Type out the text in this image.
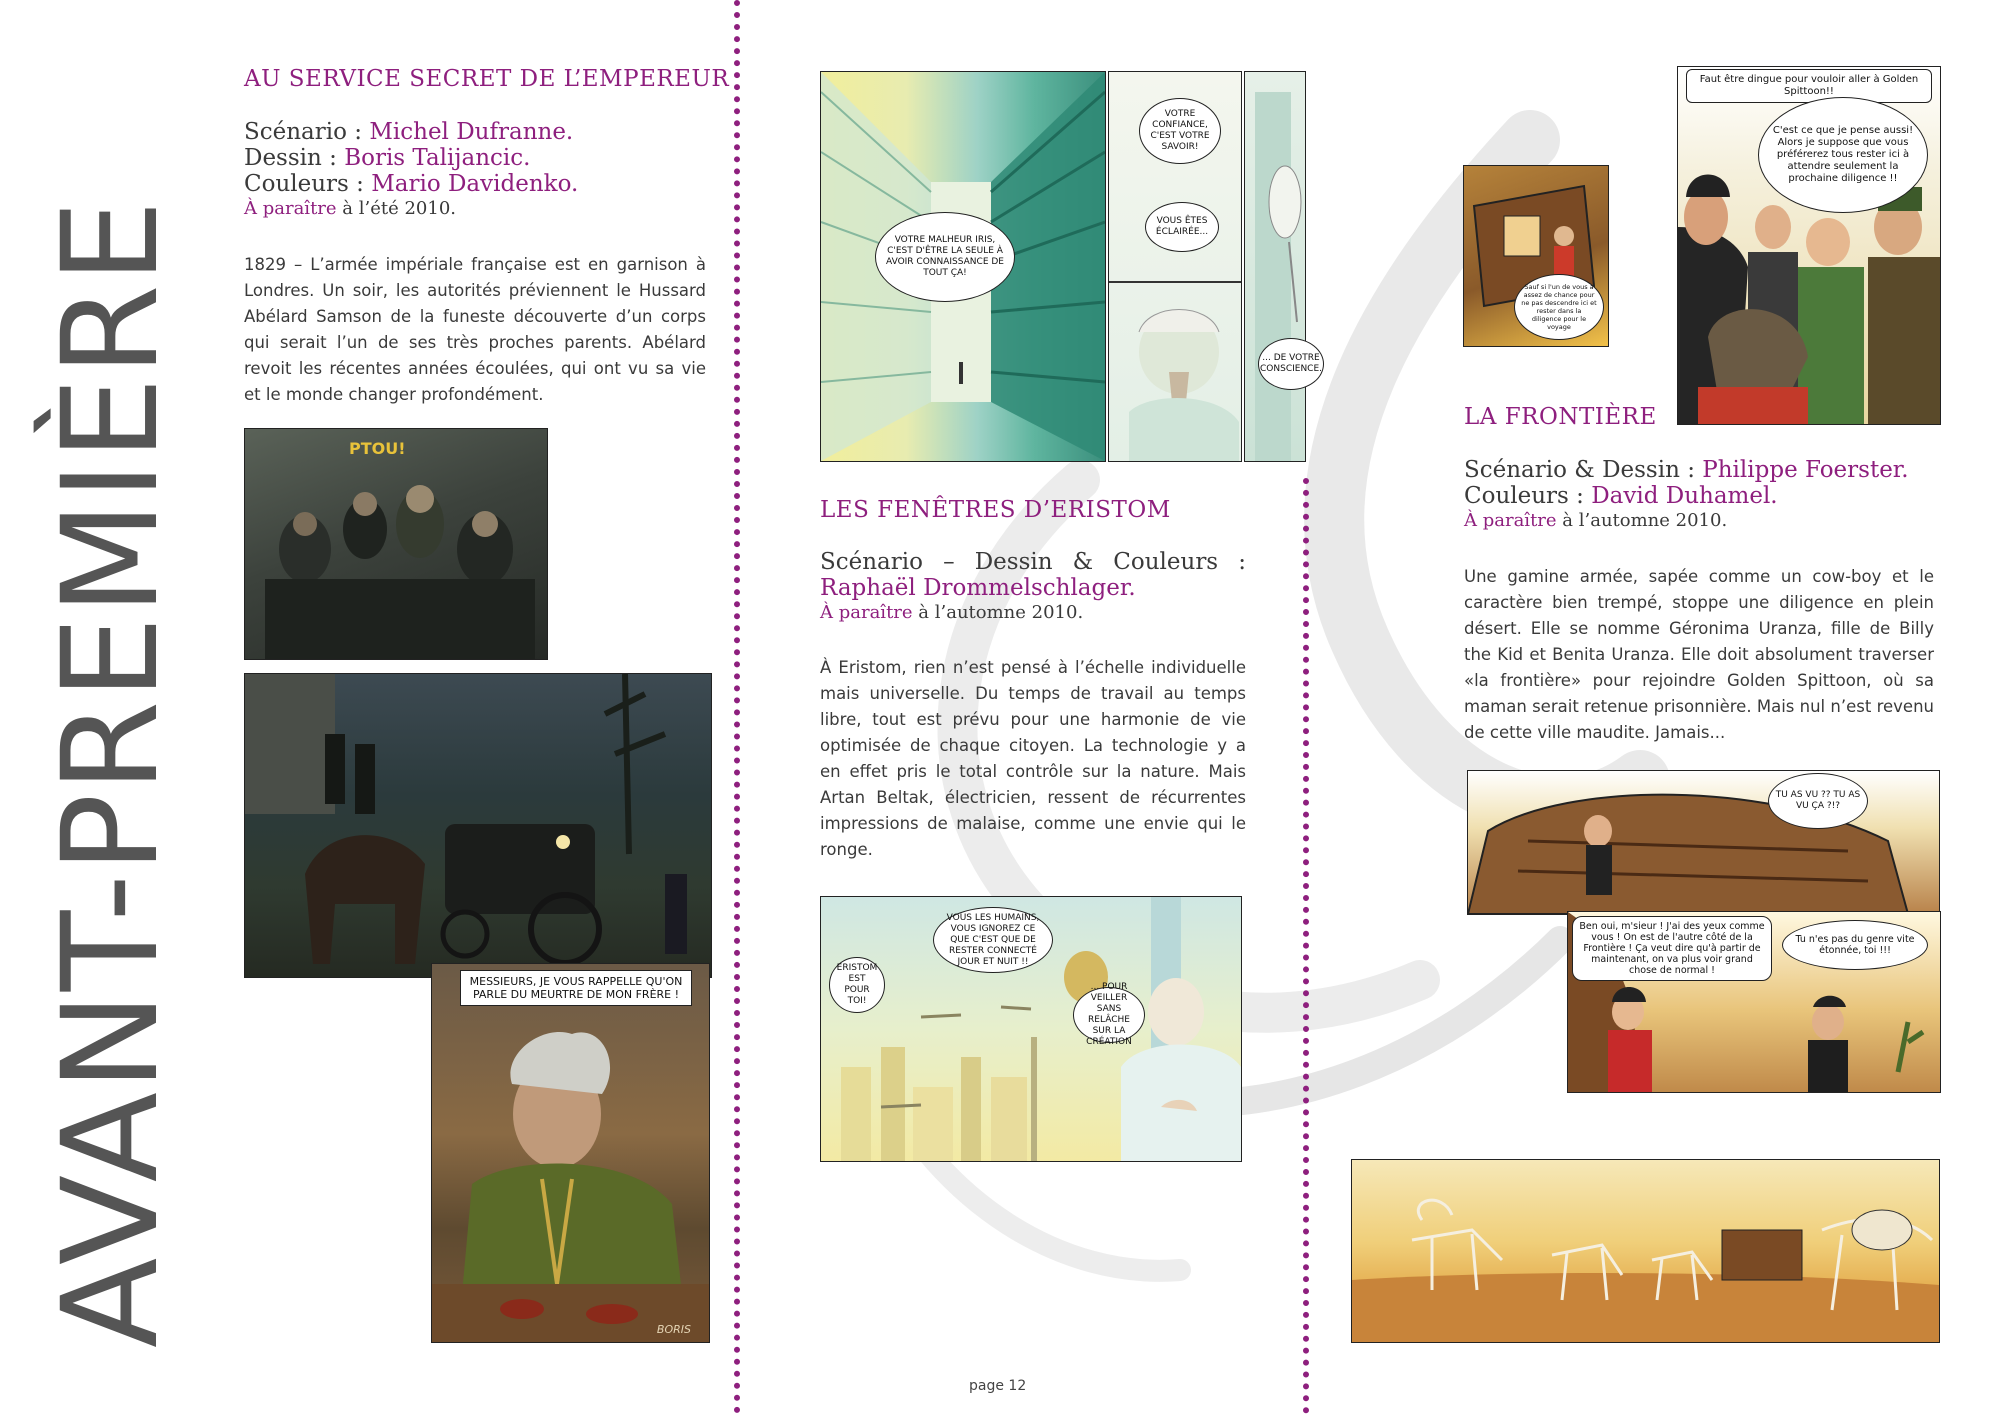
AVANT-PREMIÈRE
AU SERVICE SECRET DE L’EMPEREUR
Scénario : Michel Dufranne.
Dessin : Boris Talijancic.
Couleurs : Mario Davidenko.
À paraître à l’été 2010.
1829 – L’armée impériale française est en garnison à Londres. Un soir, les autorités préviennent le Hussard Abélard Samson de la funeste découverte d’un corps qui serait l’un de ses très proches parents. Abélard revoit les récentes années écoulées, qui ont vu sa vie et le monde changer profondément.
PTOU!
MESSIEURS, JE VOUS RAPPELLE QU'ON PARLE DU MEURTRE DE MON FRÈRE !
BORIS
VOTRE MALHEUR IRIS, C'EST D'ÊTRE LA SEULE À AVOIR CONNAISSANCE DE TOUT ÇA!
VOTRE CONFIANCE, C'EST VOTRE SAVOIR!
VOUS ÊTES ÉCLAIRÉE...
... DE VOTRE CONSCIENCE.
LES FENÊTRES D’ERISTOM
Scénario – Dessin & Couleurs :
Raphaël Drommelschlager.
À paraître à l’automne 2010.
À Eristom, rien n’est pensé à l’échelle individuelle mais universelle. Du temps de travail au temps libre, tout est prévu pour une harmonie de vie optimisée de chaque citoyen. La technologie y a en effet pris le total contrôle sur la nature. Mais Artan Beltak, électricien, ressent de récurrentes impressions de malaise, comme une envie qui le ronge.
ERISTOM EST POUR TOI!
VOUS LES HUMAINS, VOUS IGNOREZ CE QUE C'EST QUE DE RESTER CONNECTÉ JOUR ET NUIT !!
... POUR VEILLER SANS RELÂCHE SUR LA CRÉATION
Sauf si l'un de vous a assez de chance pour ne pas descendre ici et rester dans la diligence pour le voyage
Faut être dingue pour vouloir aller à Golden Spittoon!!
C'est ce que je pense aussi! Alors je suppose que vous préférerez tous rester ici à attendre seulement la prochaine diligence !!
LA FRONTIÈRE
Scénario & Dessin : Philippe Foerster.
Couleurs : David Duhamel.
À paraître à l’automne 2010.
Une gamine armée, sapée comme un cow-boy et le caractère bien trempé, stoppe une diligence en plein désert. Elle se nomme Géronima Uranza, fille de Billy the Kid et Benita Uranza. Elle doit absolument traverser «la frontière» pour rejoindre Golden Spittoon, où sa maman serait retenue prisonnière. Mais nul n’est revenu de cette ville maudite. Jamais...
TU AS VU ?? TU AS VU ÇA ?!?
Ben oui, m'sieur ! J'ai des yeux comme vous ! On est de l'autre côté de la Frontière ! Ça veut dire qu'à partir de maintenant, on va plus voir grand chose de normal !
Tu n'es pas du genre vite étonnée, toi !!!
page 12
